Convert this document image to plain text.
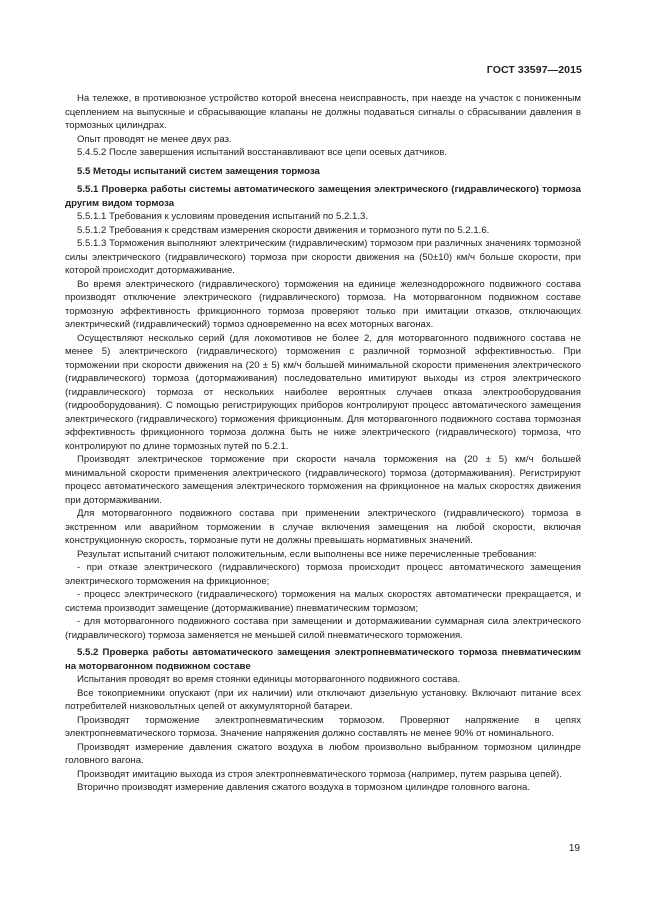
ГОСТ 33597—2015

На тележке, в противоюзное устройство которой внесена неисправность, при наезде на участок с пониженным сцеплением на выпускные и сбрасывающие клапаны не должны подаваться сигналы о сбрасывании давления в тормозных цилиндрах.

Опыт проводят не менее двух раз.

5.4.5.2 После завершения испытаний восстанавливают все цепи осевых датчиков.

5.5 Методы испытаний систем замещения тормоза

5.5.1 Проверка работы системы автоматического замещения электрического (гидравлического) тормоза другим видом тормоза

5.5.1.1 Требования к условиям проведения испытаний по 5.2.1.3.

5.5.1.2 Требования к средствам измерения скорости движения и тормозного пути по 5.2.1.6.

5.5.1.3 Торможения выполняют электрическим (гидравлическим) тормозом при различных значениях тормозной силы электрического (гидравлического) тормоза при скорости движения на (50±10) км/ч больше скорости, при которой происходит дотормаживание.

Во время электрического (гидравлического) торможения на единице железнодорожного подвижного состава производят отключение электрического (гидравлического) тормоза. На моторвагонном подвижном составе тормозную эффективность фрикционного тормоза проверяют только при имитации отказов, отключающих электрический (гидравлический) тормоз одновременно на всех моторных вагонах.

Осуществляют несколько серий (для локомотивов не более 2, для моторвагонного подвижного состава не менее 5) электрического (гидравлического) торможения с различной тормозной эффективностью. При торможении при скорости движения на (20 ± 5) км/ч большей минимальной скорости применения электрического (гидравлического) тормоза (дотормаживания) последовательно имитируют выходы из строя электрического (гидравлического) тормоза от нескольких наиболее вероятных случаев отказа электрооборудования (гидрооборудования). С помощью регистрирующих приборов контролируют процесс автоматического замещения электрического (гидравлического) торможения фрикционным. Для моторвагонного подвижного состава тормозная эффективность фрикционного тормоза должна быть не ниже электрического (гидравлического) тормоза, что контролируют по длине тормозных путей по 5.2.1.

Производят электрическое торможение при скорости начала торможения на (20 ± 5) км/ч большей минимальной скорости применения электрического (гидравлического) тормоза (дотормаживания). Регистрируют процесс автоматического замещения электрического торможения на фрикционное на малых скоростях движения при дотормаживании.

Для моторвагонного подвижного состава при применении электрического (гидравлического) тормоза в экстренном или аварийном торможении в случае включения замещения на любой скорости, включая конструкционную скорость, тормозные пути не должны превышать нормативных значений.

Результат испытаний считают положительным, если выполнены все ниже перечисленные требования:

- при отказе электрического (гидравлического) тормоза происходит процесс автоматического замещения электрического торможения на фрикционное;

- процесс электрического (гидравлического) торможения на малых скоростях автоматически прекращается, и система производит замещение (дотормаживание) пневматическим тормозом;

- для моторвагонного подвижного состава при замещении и дотормаживании суммарная сила электрического (гидравлического) тормоза заменяется не меньшей силой пневматического торможения.

5.5.2 Проверка работы автоматического замещения электропневматического тормоза пневматическим на моторвагонном подвижном составе

Испытания проводят во время стоянки единицы моторвагонного подвижного состава.

Все токоприемники опускают (при их наличии) или отключают дизельную установку. Включают питание всех потребителей низковольтных цепей от аккумуляторной батареи.

Производят торможение электропневматическим тормозом. Проверяют напряжение в цепях электропневматического тормоза. Значение напряжения должно составлять не менее 90% от номинального.

Производят измерение давления сжатого воздуха в любом произвольно выбранном тормозном цилиндре головного вагона.

Производят имитацию выхода из строя электропневматического тормоза (например, путем разрыва цепей).

Вторично производят измерение давления сжатого воздуха в тормозном цилиндре головного вагона.

19
